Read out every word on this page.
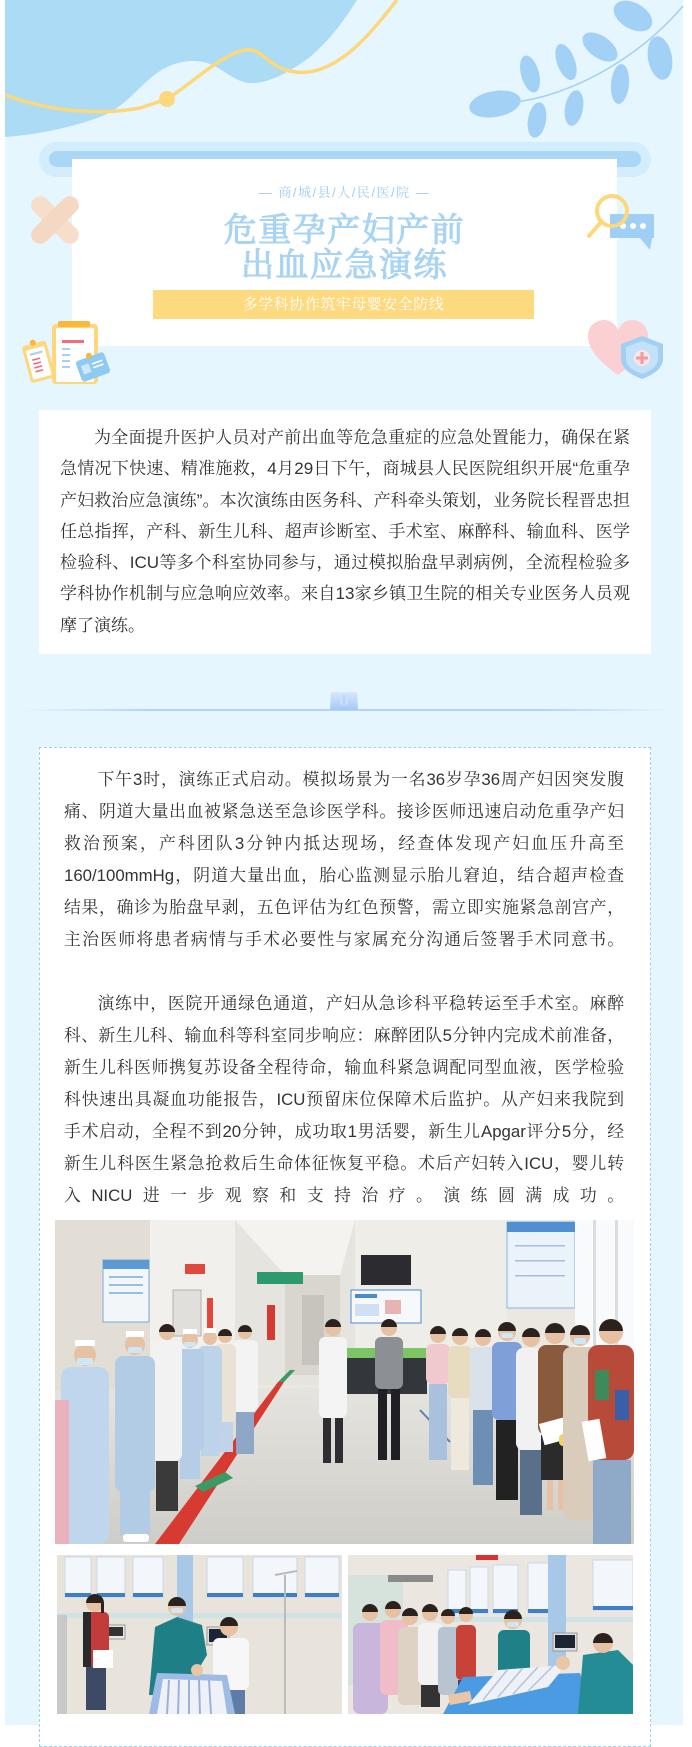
— 商/城/县/人/民/医/院 —
危重孕产妇产前
出血应急演练
多学科协作筑牢母婴安全防线
为全面提升医护人员对产前出血等危急重症的应急处置能力，确保在紧
急情况下快速、精准施救，4月29日下午，商城县人民医院组织开展“危重孕
产妇救治应急演练”。本次演练由医务科、产科牵头策划，业务院长程晋忠担
任总指挥，产科、新生儿科、超声诊断室、手术室、麻醉科、输血科、医学
检验科、ICU等多个科室协同参与，通过模拟胎盘早剥病例，全流程检验多
学科协作机制与应急响应效率。来自13家乡镇卫生院的相关专业医务人员观
摩了演练。
下午3时，演练正式启动。模拟场景为一名36岁孕36周产妇因突发腹
痛、阴道大量出血被紧急送至急诊医学科。接诊医师迅速启动危重孕产妇
救治预案，产科团队3分钟内抵达现场，经查体发现产妇血压升高至
160/100mmHg，阴道大量出血，胎心监测显示胎儿窘迫，结合超声检查
结果，确诊为胎盘早剥，五色评估为红色预警，需立即实施紧急剖宫产，
主治医师将患者病情与手术必要性与家属充分沟通后签署手术同意书。
演练中，医院开通绿色通道，产妇从急诊科平稳转运至手术室。麻醉
科、新生儿科、输血科等科室同步响应：麻醉团队5分钟内完成术前准备，
新生儿科医师携复苏设备全程待命，输血科紧急调配同型血液，医学检验
科快速出具凝血功能报告，ICU预留床位保障术后监护。从产妇来我院到
手术启动，全程不到20分钟，成功取1男活婴，新生儿Apgar评分5分，经
新生儿科医生紧急抢救后生命体征恢复平稳。术后产妇转入ICU，婴儿转
入NICU进一步观察和支持治疗。演练圆满成功。
